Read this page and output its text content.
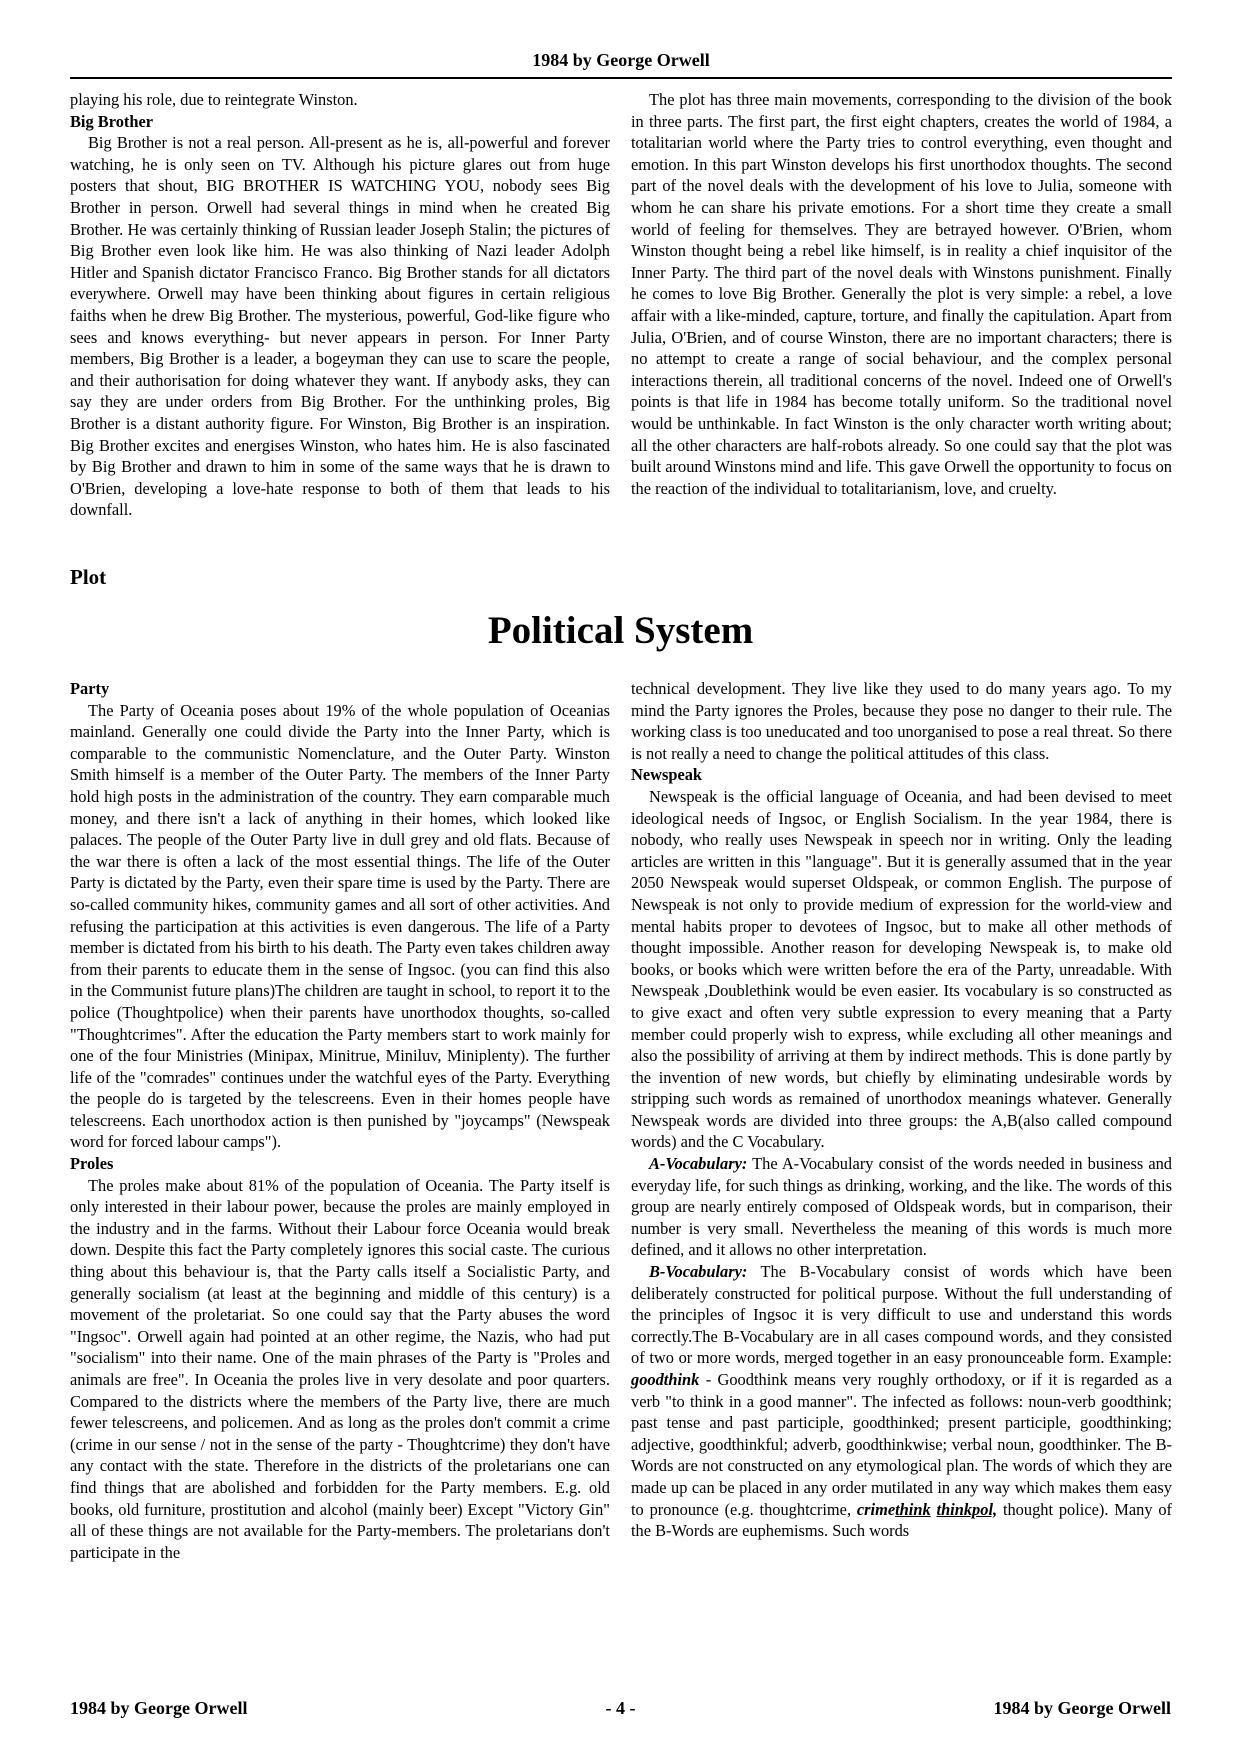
1984 by George Orwell

playing his role, due to reintegrate Winston.

Big Brother

Big Brother is not a real person. All-present as he is, all-powerful and forever watching, he is only seen on TV. Although his picture glares out from huge posters that shout, BIG BROTHER IS WATCHING YOU, nobody sees Big Brother in person. Orwell had several things in mind when he created Big Brother. He was certainly thinking of Russian leader Joseph Stalin; the pictures of Big Brother even look like him. He was also thinking of Nazi leader Adolph Hitler and Spanish dictator Francisco Franco. Big Brother stands for all dictators everywhere. Orwell may have been thinking about figures in certain religious faiths when he drew Big Brother. The mysterious, powerful, God-like figure who sees and knows everything- but never appears in person. For Inner Party members, Big Brother is a leader, a bogeyman they can use to scare the people, and their authorisation for doing whatever they want. If anybody asks, they can say they are under orders from Big Brother. For the unthinking proles, Big Brother is a distant authority figure. For Winston, Big Brother is an inspiration. Big Brother excites and energises Winston, who hates him. He is also fascinated by Big Brother and drawn to him in some of the same ways that he is drawn to O'Brien, developing a love-hate response to both of them that leads to his downfall.

The plot has three main movements, corresponding to the division of the book in three parts. The first part, the first eight chapters, creates the world of 1984, a totalitarian world where the Party tries to control everything, even thought and emotion. In this part Winston develops his first unorthodox thoughts. The second part of the novel deals with the development of his love to Julia, someone with whom he can share his private emotions. For a short time they create a small world of feeling for themselves. They are betrayed however. O'Brien, whom Winston thought being a rebel like himself, is in reality a chief inquisitor of the Inner Party. The third part of the novel deals with Winstons punishment. Finally he comes to love Big Brother. Generally the plot is very simple: a rebel, a love affair with a like-minded, capture, torture, and finally the capitulation. Apart from Julia, O'Brien, and of course Winston, there are no important characters; there is no attempt to create a range of social behaviour, and the complex personal interactions therein, all traditional concerns of the novel. Indeed one of Orwell's points is that life in 1984 has become totally uniform. So the traditional novel would be unthinkable. In fact Winston is the only character worth writing about; all the other characters are half-robots already. So one could say that the plot was built around Winstons mind and life. This gave Orwell the opportunity to focus on the reaction of the individual to totalitarianism, love, and cruelty.

Plot
Political System
Party

The Party of Oceania poses about 19% of the whole population of Oceanias mainland. Generally one could divide the Party into the Inner Party, which is comparable to the communistic Nomenclature, and the Outer Party. Winston Smith himself is a member of the Outer Party. The members of the Inner Party hold high posts in the administration of the country. They earn comparable much money, and there isn't a lack of anything in their homes, which looked like palaces. The people of the Outer Party live in dull grey and old flats. Because of the war there is often a lack of the most essential things. The life of the Outer Party is dictated by the Party, even their spare time is used by the Party. There are so-called community hikes, community games and all sort of other activities. And refusing the participation at this activities is even dangerous. The life of a Party member is dictated from his birth to his death. The Party even takes children away from their parents to educate them in the sense of Ingsoc. (you can find this also in the Communist future plans)The children are taught in school, to report it to the police (Thoughtpolice) when their parents have unorthodox thoughts, so-called "Thoughtcrimes". After the education the Party members start to work mainly for one of the four Ministries (Minipax, Minitrue, Miniluv, Miniplenty). The further life of the "comrades" continues under the watchful eyes of the Party. Everything the people do is targeted by the telescreens. Even in their homes people have telescreens. Each unorthodox action is then punished by "joycamps" (Newspeak word for forced labour camps").

Proles

The proles make about 81% of the population of Oceania. The Party itself is only interested in their labour power, because the proles are mainly employed in the industry and in the farms. Without their Labour force Oceania would break down. Despite this fact the Party completely ignores this social caste. The curious thing about this behaviour is, that the Party calls itself a Socialistic Party, and generally socialism (at least at the beginning and middle of this century) is a movement of the proletariat. So one could say that the Party abuses the word "Ingsoc". Orwell again had pointed at an other regime, the Nazis, who had put "socialism" into their name. One of the main phrases of the Party is "Proles and animals are free". In Oceania the proles live in very desolate and poor quarters. Compared to the districts where the members of the Party live, there are much fewer telescreens, and policemen. And as long as the proles don't commit a crime (crime in our sense / not in the sense of the party - Thoughtcrime) they don't have any contact with the state. Therefore in the districts of the proletarians one can find things that are abolished and forbidden for the Party members. E.g. old books, old furniture, prostitution and alcohol (mainly beer) Except "Victory Gin" all of these things are not available for the Party-members. The proletarians don't participate in the

technical development. They live like they used to do many years ago. To my mind the Party ignores the Proles, because they pose no danger to their rule. The working class is too uneducated and too unorganised to pose a real threat. So there is not really a need to change the political attitudes of this class.

Newspeak

Newspeak is the official language of Oceania, and had been devised to meet ideological needs of Ingsoc, or English Socialism. In the year 1984, there is nobody, who really uses Newspeak in speech nor in writing. Only the leading articles are written in this "language". But it is generally assumed that in the year 2050 Newspeak would superset Oldspeak, or common English. The purpose of Newspeak is not only to provide medium of expression for the world-view and mental habits proper to devotees of Ingsoc, but to make all other methods of thought impossible. Another reason for developing Newspeak is, to make old books, or books which were written before the era of the Party, unreadable. With Newspeak ,Doublethink would be even easier. Its vocabulary is so constructed as to give exact and often very subtle expression to every meaning that a Party member could properly wish to express, while excluding all other meanings and also the possibility of arriving at them by indirect methods. This is done partly by the invention of new words, but chiefly by eliminating undesirable words by stripping such words as remained of unorthodox meanings whatever. Generally Newspeak words are divided into three groups: the A,B(also called compound words) and the C Vocabulary.

A-Vocabulary: The A-Vocabulary consist of the words needed in business and everyday life, for such things as drinking, working, and the like. The words of this group are nearly entirely composed of Oldspeak words, but in comparison, their number is very small. Nevertheless the meaning of this words is much more defined, and it allows no other interpretation.

B-Vocabulary: The B-Vocabulary consist of words which have been deliberately constructed for political purpose. Without the full understanding of the principles of Ingsoc it is very difficult to use and understand this words correctly.The B-Vocabulary are in all cases compound words, and they consisted of two or more words, merged together in an easy pronounceable form. Example: goodthink - Goodthink means very roughly orthodoxy, or if it is regarded as a verb "to think in a good manner". The infected as follows: noun-verb goodthink; past tense and past participle, goodthinked; present participle, goodthinking; adjective, goodthinkful; adverb, goodthinkwise; verbal noun, goodthinker. The B-Words are not constructed on any etymological plan. The words of which they are made up can be placed in any order mutilated in any way which makes them easy to pronounce (e.g. thoughtcrime, crimethink thinkpol, thought police). Many of the B-Words are euphemisms. Such words

1984 by George Orwell	- 4 -	1984 by George Orwell
